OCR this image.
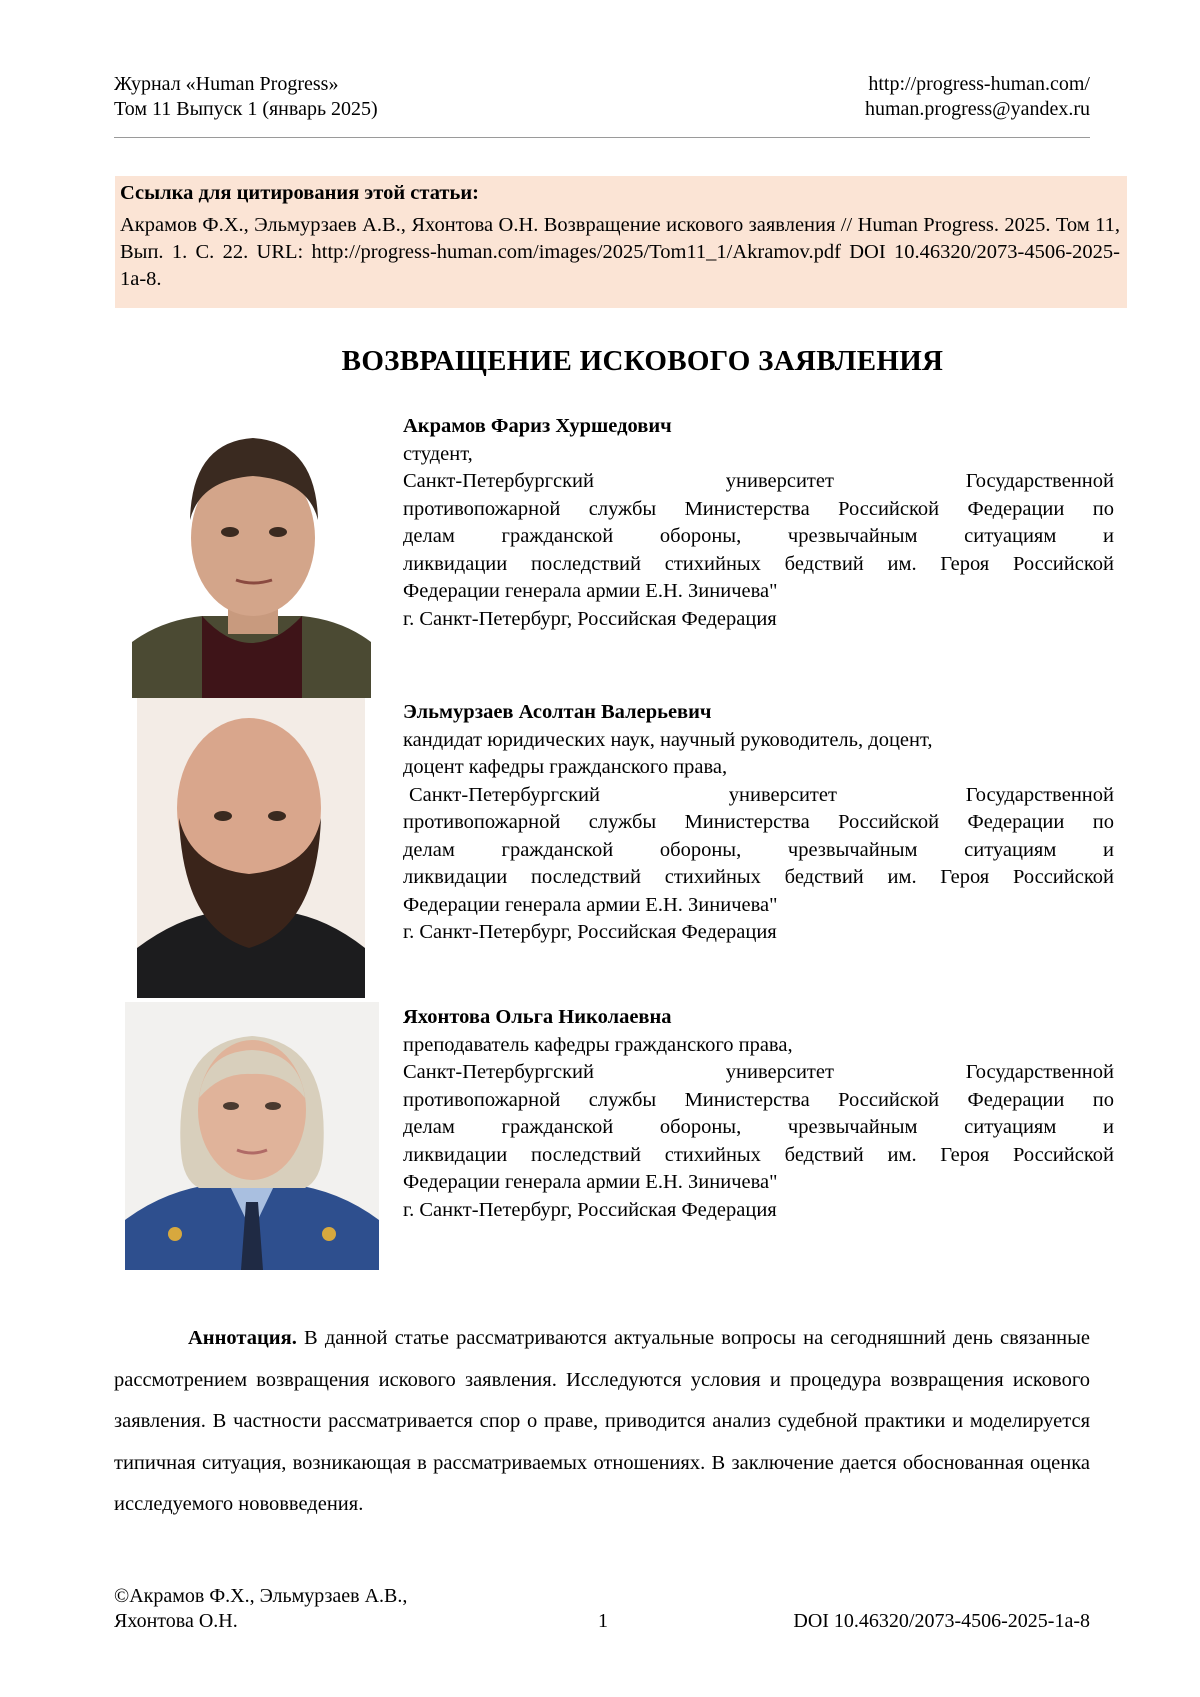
Журнал «Human Progress»	http://progress-human.com/
Том 11 Выпуск 1 (январь 2025)	human.progress@yandex.ru
Ссылка для цитирования этой статьи:
Акрамов Ф.Х., Эльмурзаев А.В., Яхонтова О.Н. Возвращение искового заявления // Human Progress. 2025. Том 11, Вып. 1. С. 22. URL: http://progress-human.com/images/2025/Tom11_1/Akramov.pdf DOI 10.46320/2073-4506-2025-1a-8.
ВОЗВРАЩЕНИЕ ИСКОВОГО ЗАЯВЛЕНИЯ
Акрамов Фариз Хуршедович
студент,
Санкт-Петербургский университет Государственной
противопожарной службы Министерства Российской Федерации по
делам гражданской обороны, чрезвычайным ситуациям и
ликвидации последствий стихийных бедствий им. Героя Российской
Федерации генерала армии Е.Н. Зиничева"
г. Санкт-Петербург, Российская Федерация
Эльмурзаев Асолтан Валерьевич
кандидат юридических наук, научный руководитель, доцент,
доцент кафедры гражданского права,
Санкт-Петербургский университет Государственной
противопожарной службы Министерства Российской Федерации по
делам гражданской обороны, чрезвычайным ситуациям и
ликвидации последствий стихийных бедствий им. Героя Российской
Федерации генерала армии Е.Н. Зиничева"
г. Санкт-Петербург, Российская Федерация
Яхонтова Ольга Николаевна
преподаватель кафедры гражданского права,
Санкт-Петербургский университет Государственной
противопожарной службы Министерства Российской Федерации по
делам гражданской обороны, чрезвычайным ситуациям и
ликвидации последствий стихийных бедствий им. Героя Российской
Федерации генерала армии Е.Н. Зиничева"
г. Санкт-Петербург, Российская Федерация
Аннотация. В данной статье рассматриваются актуальные вопросы на сегодняшний день связанные рассмотрением возвращения искового заявления. Исследуются условия и процедура возвращения искового заявления. В частности рассматривается спор о праве, приводится анализ судебной практики и моделируется типичная ситуация, возникающая в рассматриваемых отношениях. В заключение дается обоснованная оценка исследуемого нововведения.
©Акрамов Ф.Х., Эльмурзаев А.В.,
Яхонтова О.Н.	1	DOI 10.46320/2073-4506-2025-1a-8
